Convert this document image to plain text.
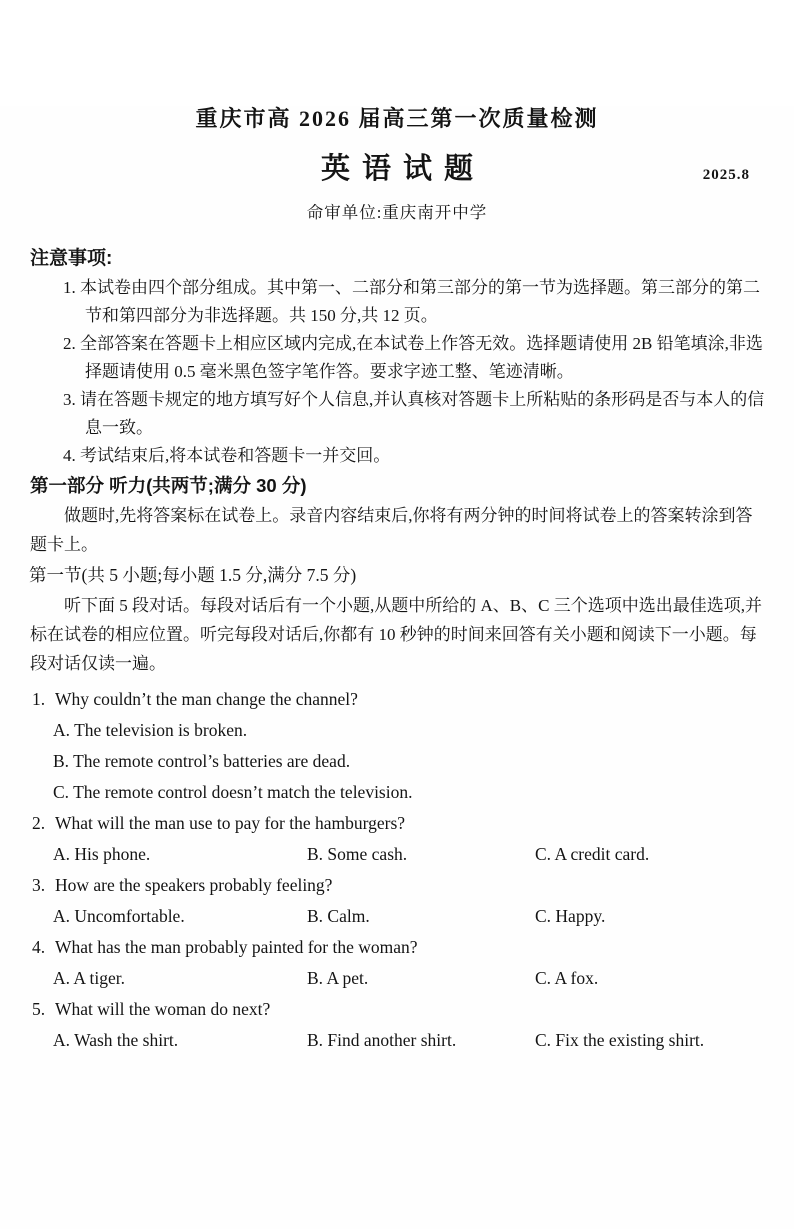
重庆市高 2026 届高三第一次质量检测
英语试题	2025.8
命审单位:重庆南开中学
注意事项:
1. 本试卷由四个部分组成。其中第一、二部分和第三部分的第一节为选择题。第三部分的第二节和第四部分为非选择题。共 150 分,共 12 页。
2. 全部答案在答题卡上相应区域内完成,在本试卷上作答无效。选择题请使用 2B 铅笔填涂,非选择题请使用 0.5 毫米黑色签字笔作答。要求字迹工整、笔迹清晰。
3. 请在答题卡规定的地方填写好个人信息,并认真核对答题卡上所粘贴的条形码是否与本人的信息一致。
4. 考试结束后,将本试卷和答题卡一并交回。
第一部分 听力(共两节;满分 30 分)
做题时,先将答案标在试卷上。录音内容结束后,你将有两分钟的时间将试卷上的答案转涂到答题卡上。
第一节(共 5 小题;每小题 1.5 分,满分 7.5 分)
听下面 5 段对话。每段对话后有一个小题,从题中所给的 A、B、C 三个选项中选出最佳选项,并标在试卷的相应位置。听完每段对话后,你都有 10 秒钟的时间来回答有关小题和阅读下一小题。每段对话仅读一遍。
1. Why couldn’t the man change the channel?
A. The television is broken.
B. The remote control’s batteries are dead.
C. The remote control doesn’t match the television.
2. What will the man use to pay for the hamburgers?
A. His phone.	B. Some cash.	C. A credit card.
3. How are the speakers probably feeling?
A. Uncomfortable.	B. Calm.	C. Happy.
4. What has the man probably painted for the woman?
A. A tiger.	B. A pet.	C. A fox.
5. What will the woman do next?
A. Wash the shirt.	B. Find another shirt.	C. Fix the existing shirt.
